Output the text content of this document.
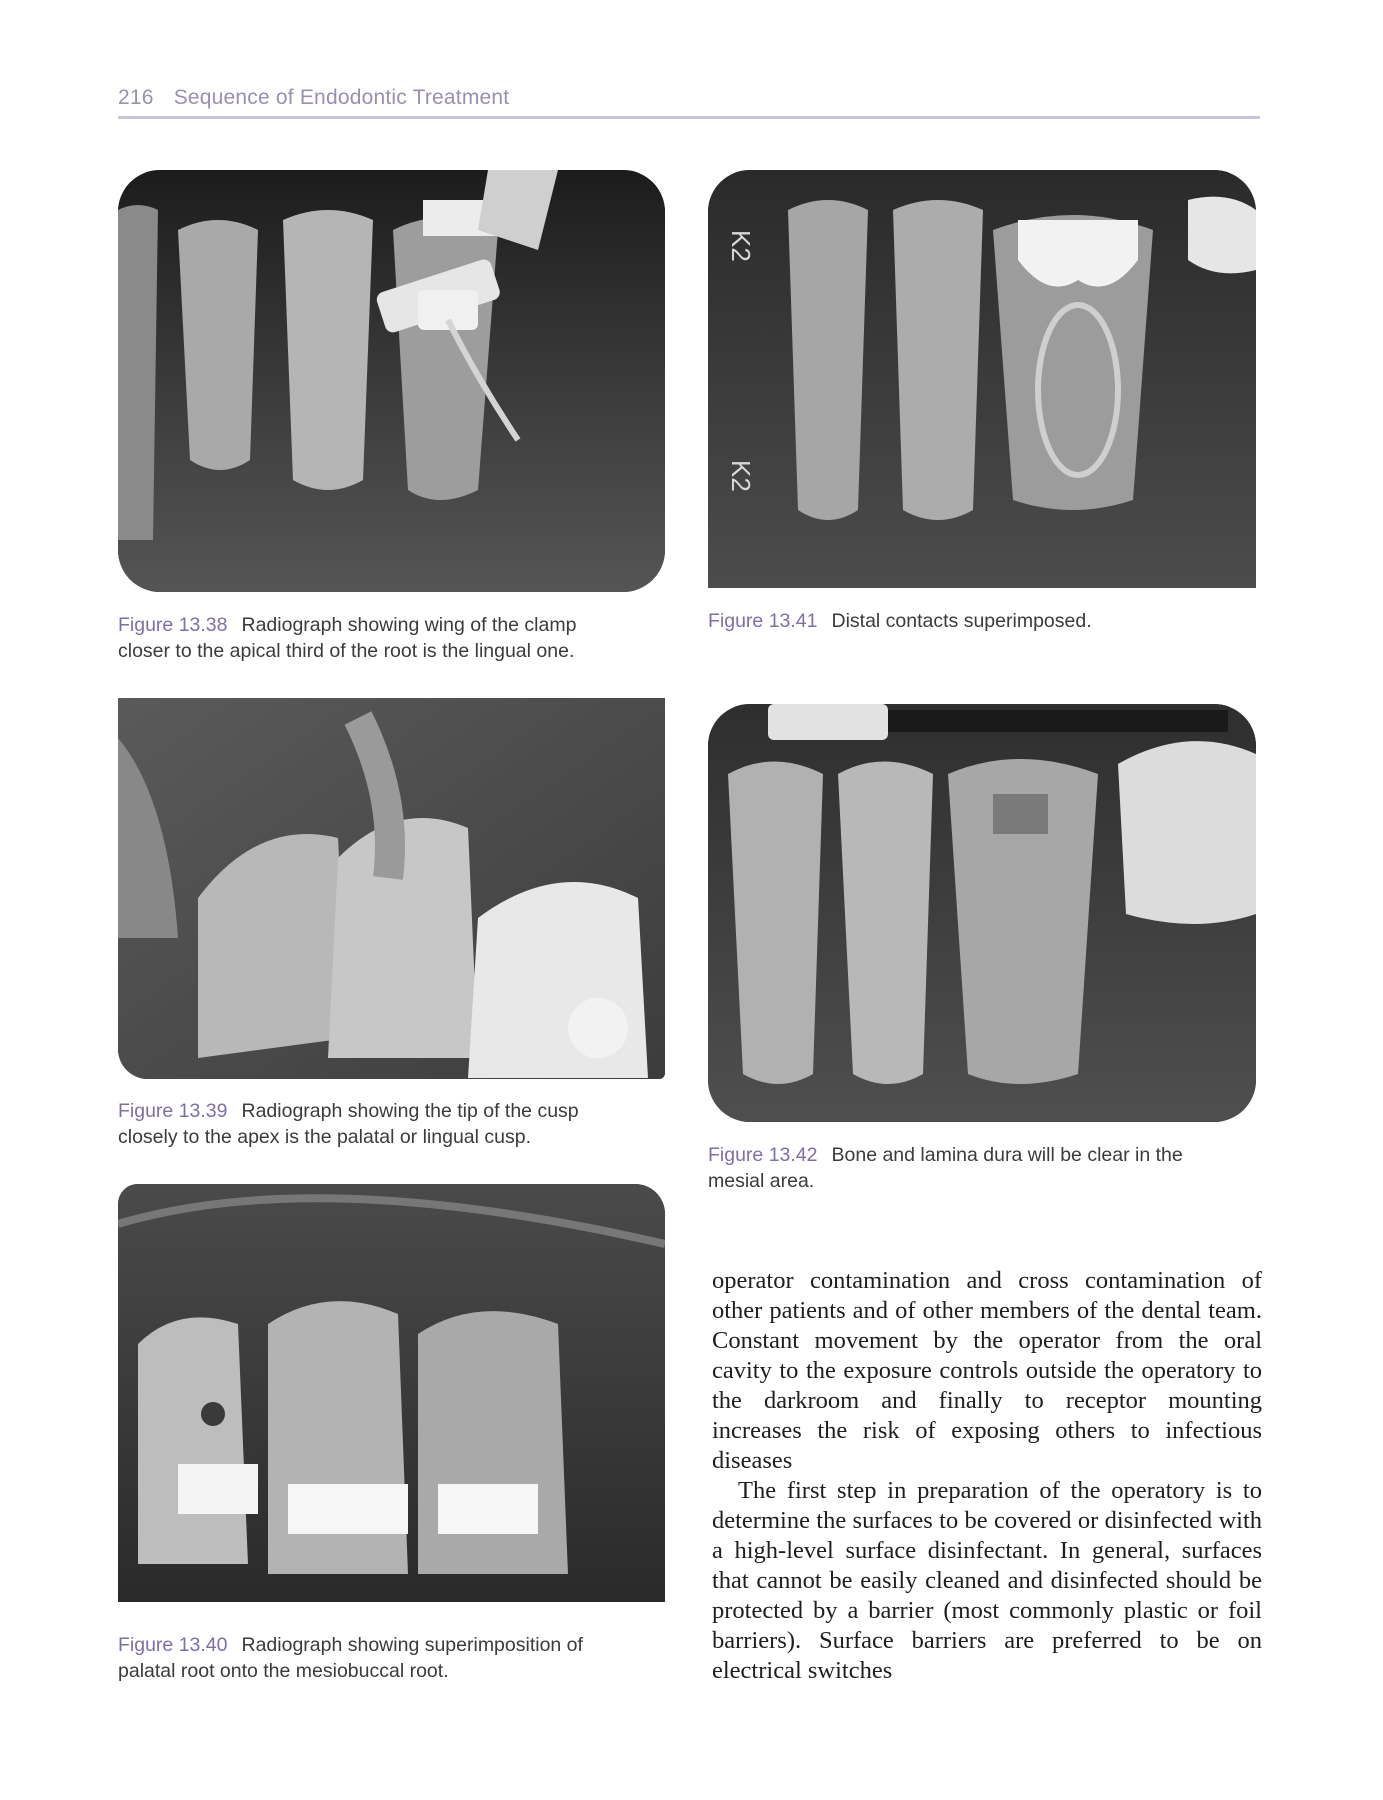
216 Sequence of Endodontic Treatment
Figure 13.38 Radiograph showing wing of the clamp closer to the apical third of the root is the lingual one.
Figure 13.39 Radiograph showing the tip of the cusp closely to the apex is the palatal or lingual cusp.
Figure 13.40 Radiograph showing superimposition of palatal root onto the mesiobuccal root.
K2
K2
Figure 13.41 Distal contacts superimposed.
Figure 13.42 Bone and lamina dura will be clear in the mesial area.

operator contamination and cross contamination of other patients and of other members of the dental team. Constant movement by the operator from the oral cavity to the exposure controls outside the operatory to the darkroom and finally to receptor mounting increases the risk of exposing others to infectious diseases

The first step in preparation of the operatory is to determine the surfaces to be covered or disinfected with a high-level surface disinfectant. In general, surfaces that cannot be easily cleaned and disinfected should be protected by a barrier (most commonly plastic or foil barriers). Surface barriers are preferred to be on electrical switches
